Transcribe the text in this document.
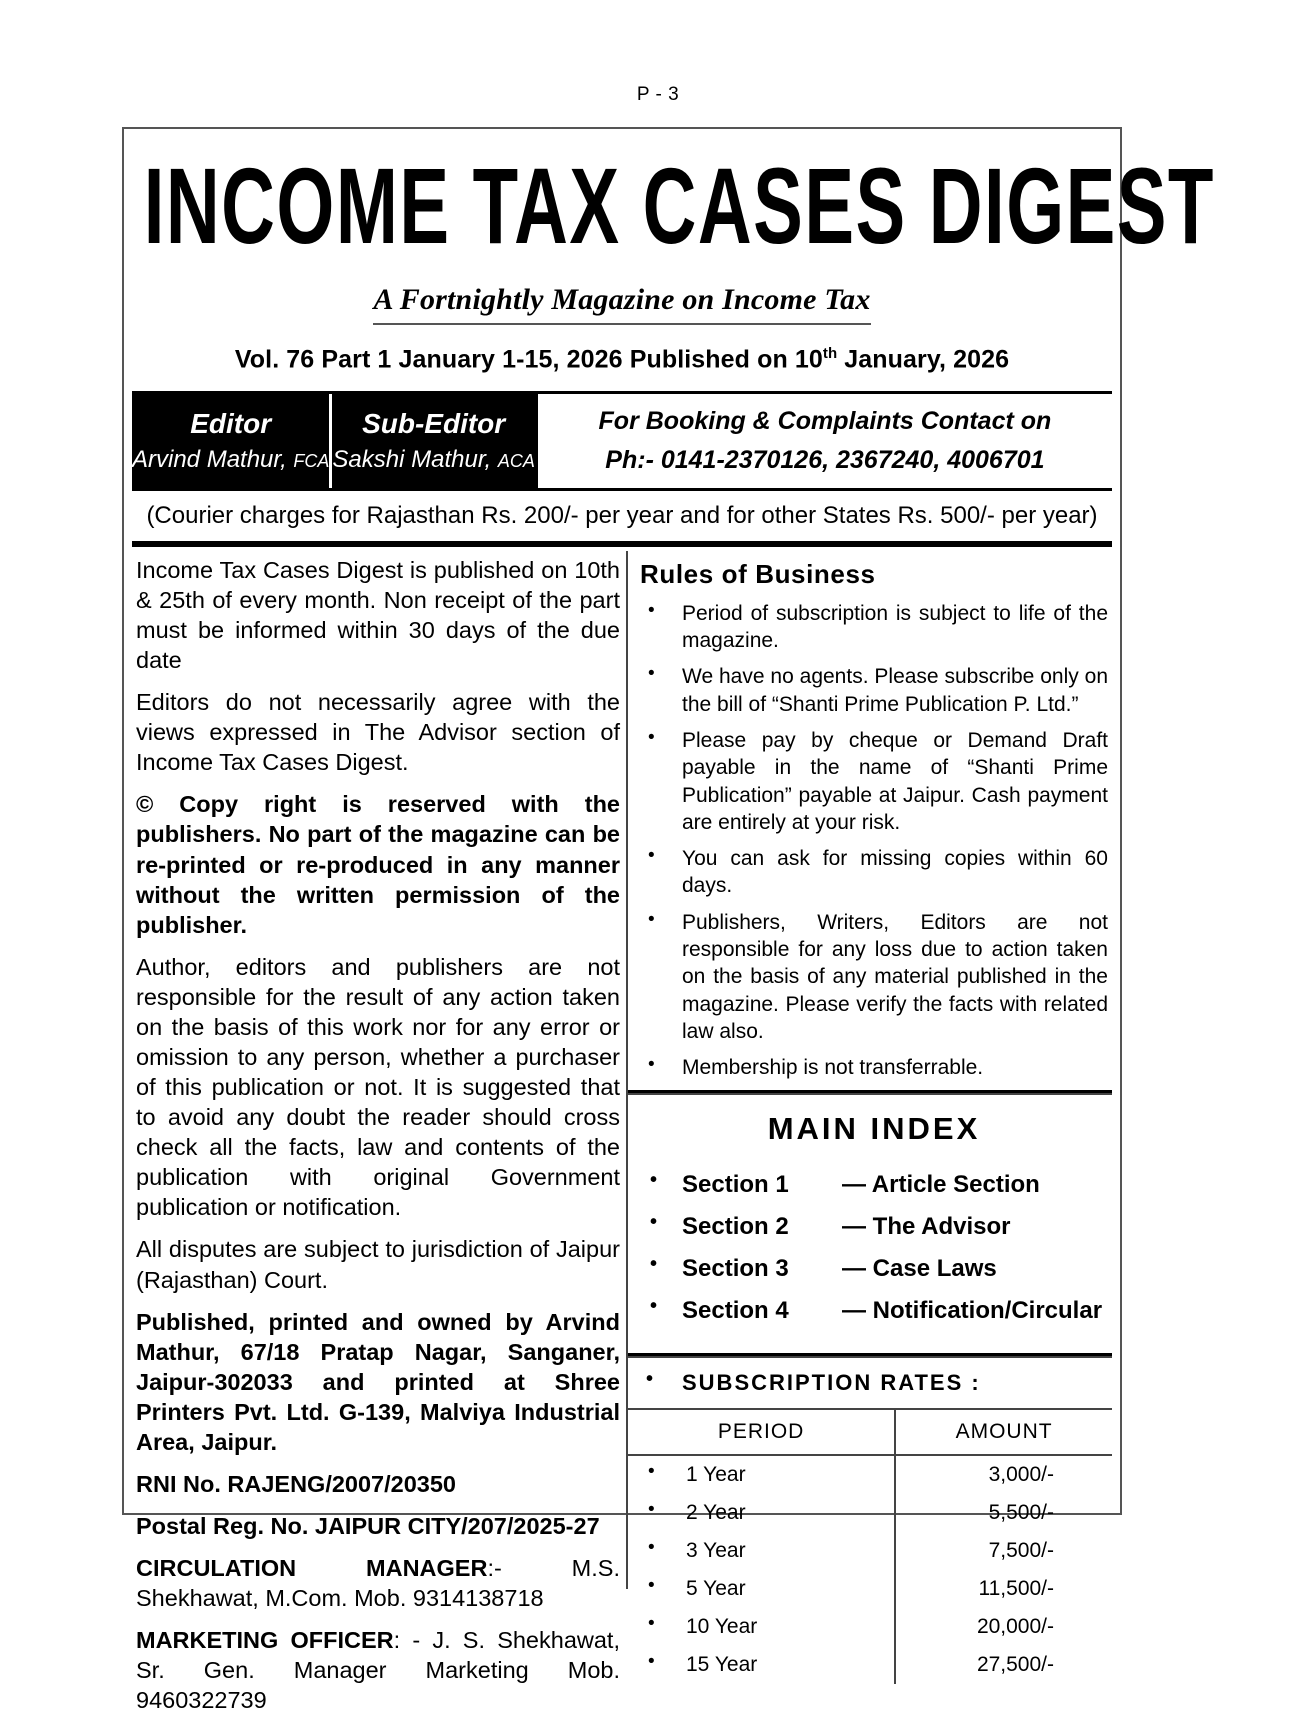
P - 3
INCOME TAX CASES DIGEST
A Fortnightly Magazine on Income Tax
Vol. 76 Part 1 January 1-15, 2026 Published on 10th January, 2026
Editor
Arvind Mathur, FCA
Sub-Editor
Sakshi Mathur, ACA
For Booking & Complaints Contact on
Ph:- 0141-2370126, 2367240, 4006701
(Courier charges for Rajasthan Rs. 200/- per year and for other States Rs. 500/- per year)

Income Tax Cases Digest is published on 10th & 25th of every month. Non receipt of the part must be informed within 30 days of the due date

Editors do not necessarily agree with the views expressed in The Advisor section of Income Tax Cases Digest.

© Copy right is reserved with the publishers. No part of the magazine can be re-printed or re-produced in any manner without the written permission of the publisher.

Author, editors and publishers are not responsible for the result of any action taken on the basis of this work nor for any error or omission to any person, whether a purchaser of this publication or not. It is suggested that to avoid any doubt the reader should cross check all the facts, law and contents of the publication with original Government publication or notification.

All disputes are subject to jurisdiction of Jaipur (Rajasthan) Court.

Published, printed and owned by Arvind Mathur, 67/18 Pratap Nagar, Sanganer, Jaipur-302033 and printed at Shree Printers Pvt. Ltd. G-139, Malviya Industrial Area, Jaipur.

RNI No. RAJENG/2007/20350

Postal Reg. No. JAIPUR CITY/207/2025-27

CIRCULATION MANAGER:- M.S. Shekhawat, M.Com. Mob. 9314138718

MARKETING OFFICER: - J. S. Shekhawat, Sr. Gen. Manager Marketing Mob. 9460322739

Rules of Business
• Period of subscription is subject to life of the magazine.
• We have no agents. Please subscribe only on the bill of “Shanti Prime Publication P. Ltd.”
• Please pay by cheque or Demand Draft payable in the name of “Shanti Prime Publication” payable at Jaipur. Cash payment are entirely at your risk.
• You can ask for missing copies within 60 days.
• Publishers, Writers, Editors are not responsible for any loss due to action taken on the basis of any material published in the magazine. Please verify the facts with related law also.
• Membership is not transferrable.
MAIN INDEX
• Section 1	— Article Section
• Section 2	— The Advisor
• Section 3	— Case Laws
• Section 4	— Notification/Circular
• SUBSCRIPTION RATES :
PERIOD	AMOUNT
• 1 Year	3,000/-
• 2 Year	5,500/-
• 3 Year	7,500/-
• 5 Year	11,500/-
• 10 Year	20,000/-
• 15 Year	27,500/-
